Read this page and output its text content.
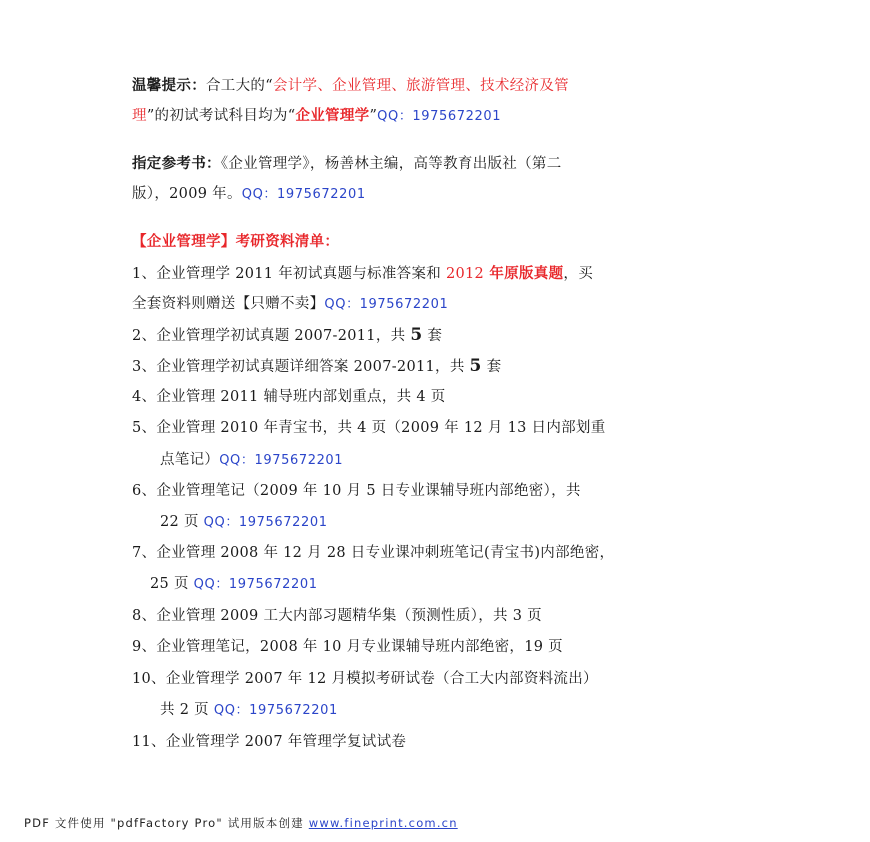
温馨提示：合工大的“会计学、企业管理、旅游管理、技术经济及管
理”的初试考试科目均为“企业管理学”QQ：1975672201
指定参考书：《企业管理学》，杨善林主编，高等教育出版社（第二
版），2009 年。QQ：1975672201
【企业管理学】考研资料清单：
1、企业管理学 2011 年初试真题与标准答案和 2012 年原版真题，买
全套资料则赠送【只赠不卖】QQ：1975672201
2、企业管理学初试真题 2007-2011，共 5 套
3、企业管理学初试真题详细答案 2007-2011，共 5 套
4、企业管理 2011 辅导班内部划重点，共 4 页
5、企业管理 2010 年青宝书，共 4 页（2009 年 12 月 13 日内部划重
点笔记）QQ：1975672201
6、企业管理笔记（2009 年 10 月 5 日专业课辅导班内部绝密），共
22 页 QQ：1975672201
7、企业管理 2008 年 12 月 28 日专业课冲刺班笔记(青宝书)内部绝密，
25 页 QQ：1975672201
8、企业管理 2009 工大内部习题精华集（预测性质），共 3 页
9、企业管理笔记，2008 年 10 月专业课辅导班内部绝密，19 页
10、企业管理学 2007 年 12 月模拟考研试卷（合工大内部资料流出）
共 2 页 QQ：1975672201
11、企业管理学 2007 年管理学复试试卷
PDF 文件使用 "pdfFactory Pro" 试用版本创建 www.fineprint.com.cn
